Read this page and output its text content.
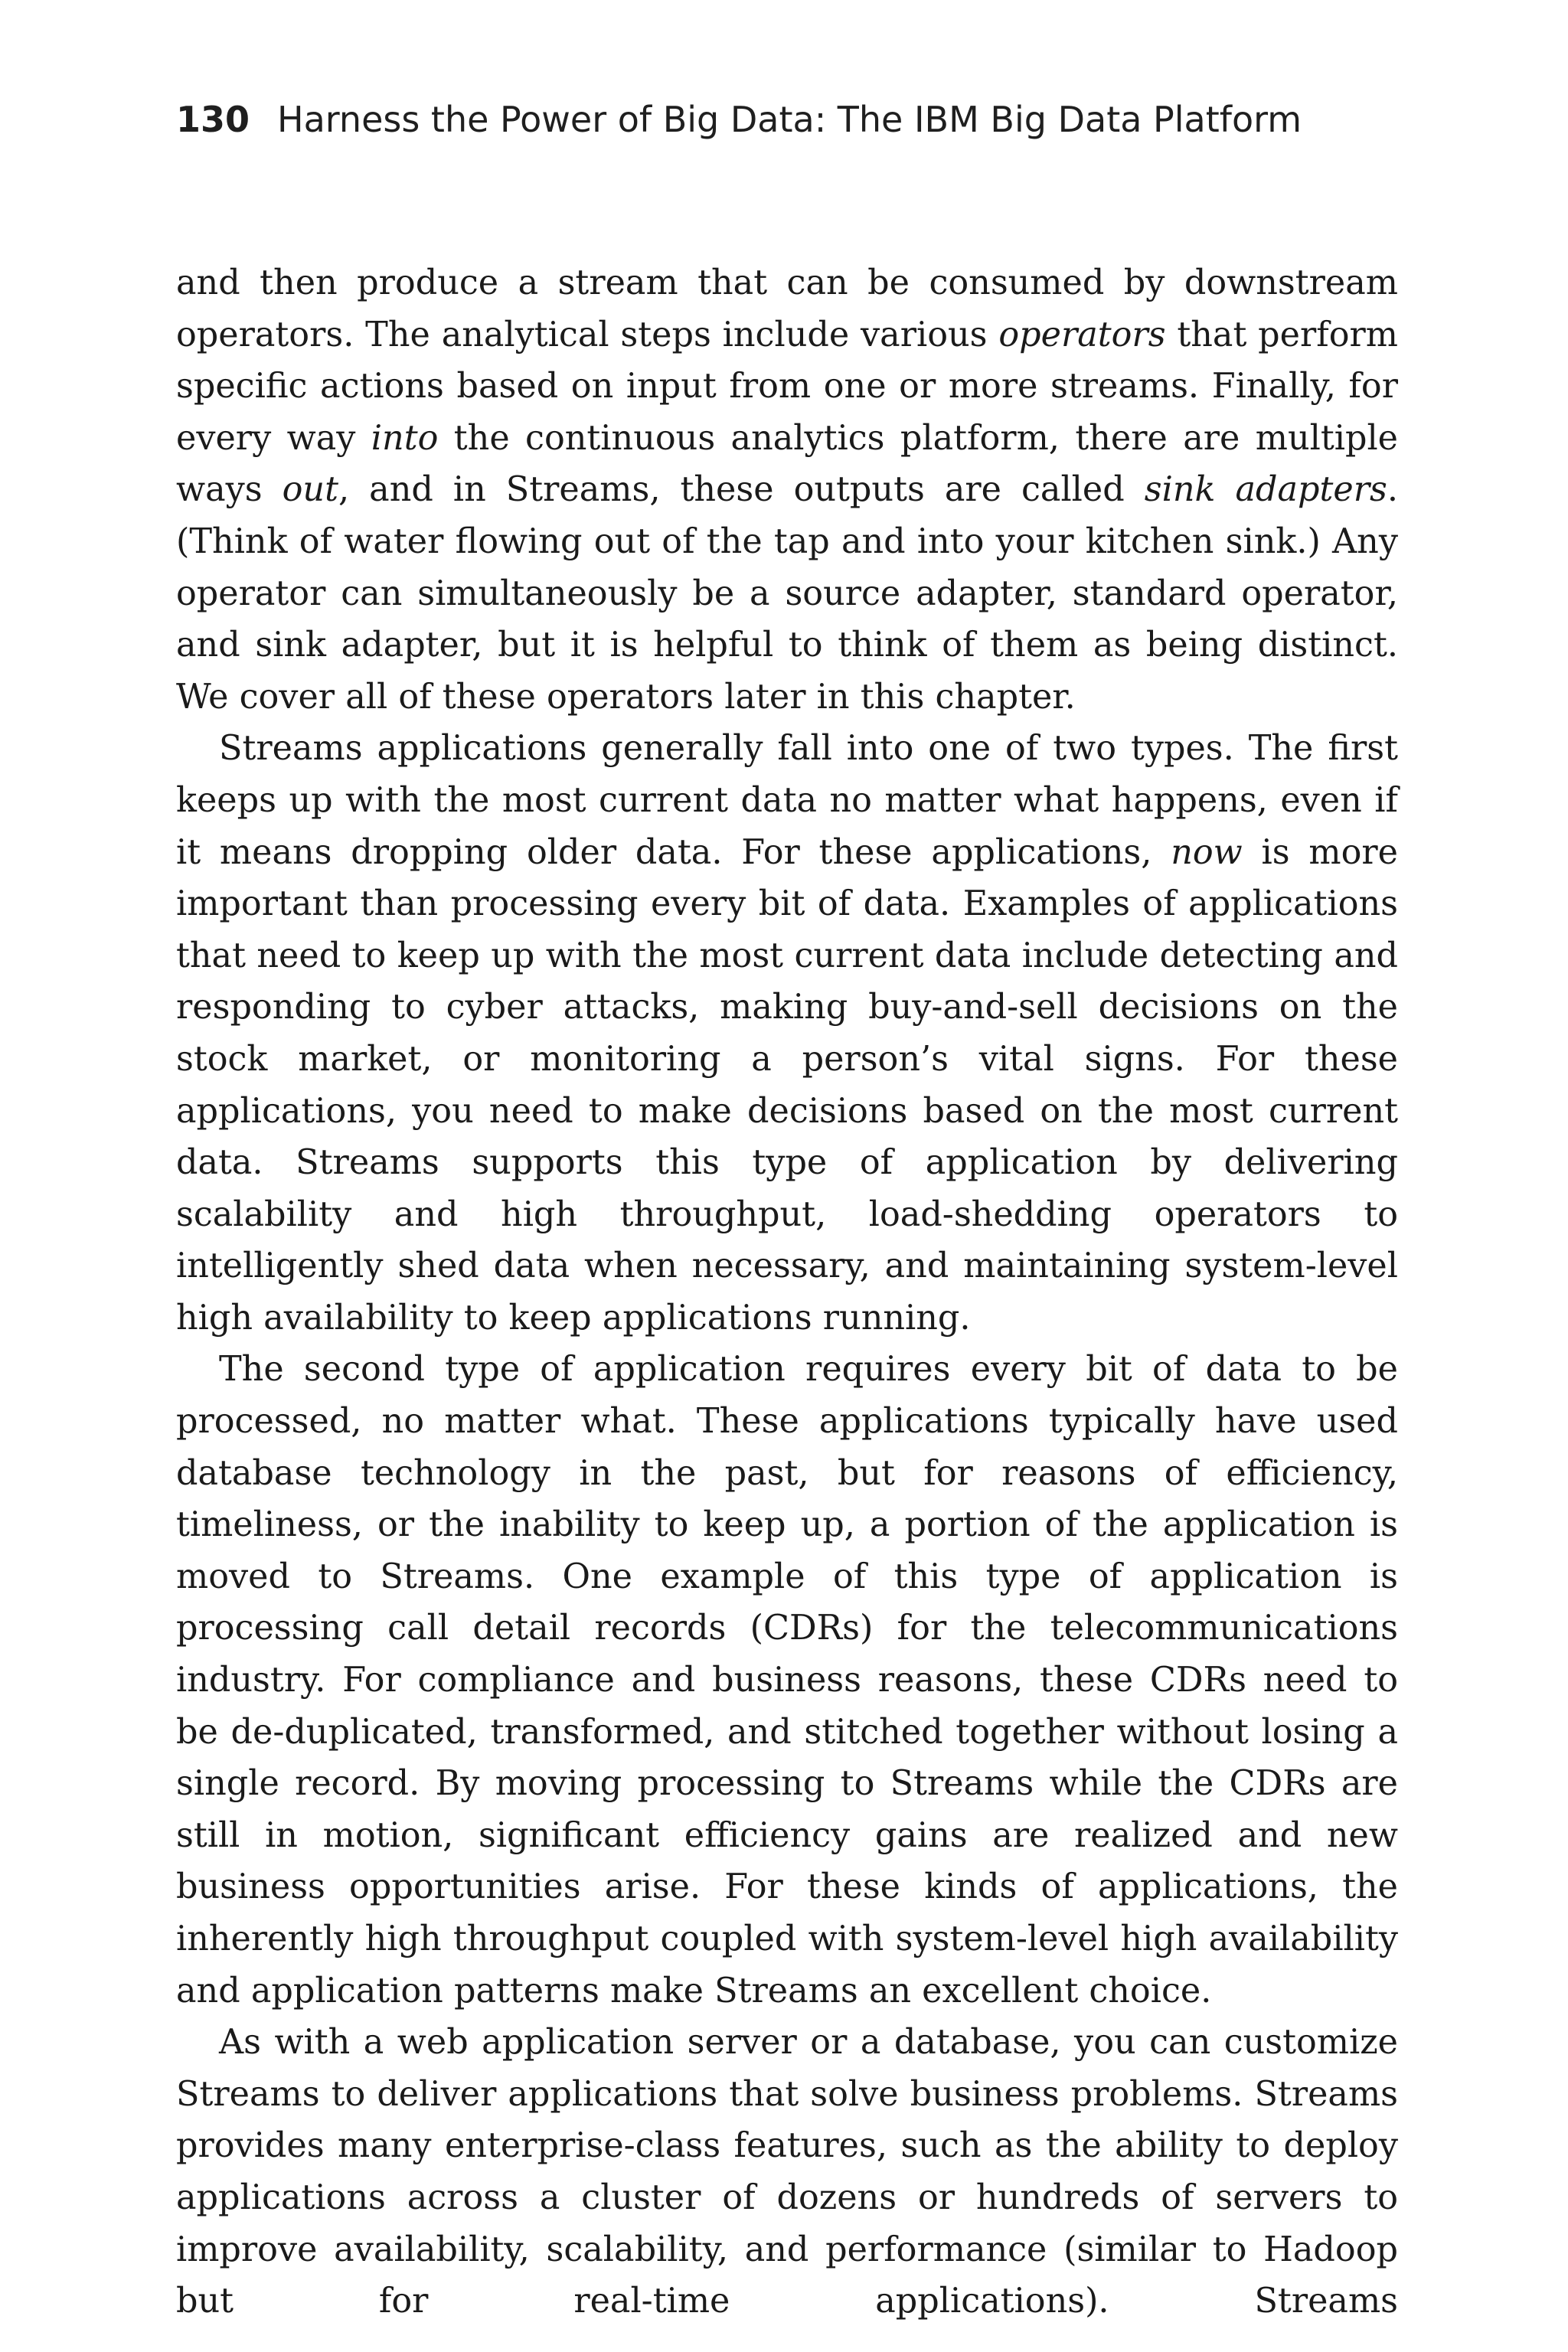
130 Harness the Power of Big Data: The IBM Big Data Platform

and then produce a stream that can be consumed by downstream operators. The analytical steps include various operators that perform specific actions based on input from one or more streams. Finally, for every way into the continuous analytics platform, there are multiple ways out, and in Streams, these outputs are called sink adapters. (Think of water flowing out of the tap and into your kitchen sink.) Any operator can simultaneously be a source adapter, standard operator, and sink adapter, but it is helpful to think of them as being distinct. We cover all of these operators later in this chapter.

Streams applications generally fall into one of two types. The first keeps up with the most current data no matter what happens, even if it means dropping older data. For these applications, now is more important than processing every bit of data. Examples of applications that need to keep up with the most current data include detecting and responding to cyber attacks, making buy-and-sell decisions on the stock market, or monitoring a person’s vital signs. For these applications, you need to make decisions based on the most current data. Streams supports this type of application by delivering scalability and high throughput, load-shedding operators to intelligently shed data when necessary, and maintaining system-level high availability to keep applications running.

The second type of application requires every bit of data to be processed, no matter what. These applications typically have used database technology in the past, but for reasons of efficiency, timeliness, or the inability to keep up, a portion of the application is moved to Streams. One example of this type of application is processing call detail records (CDRs) for the telecommunications industry. For compliance and business reasons, these CDRs need to be de-duplicated, transformed, and stitched together without losing a single record. By moving processing to Streams while the CDRs are still in motion, significant efficiency gains are realized and new business opportunities arise. For these kinds of applications, the inherently high throughput coupled with system-level high availability and application patterns make Streams an excellent choice.

As with a web application server or a database, you can customize Streams to deliver applications that solve business problems. Streams provides many enterprise-class features, such as the ability to deploy applications across a cluster of dozens or hundreds of servers to improve availability, scalability, and performance (similar to Hadoop but for real-time applications). Streams
